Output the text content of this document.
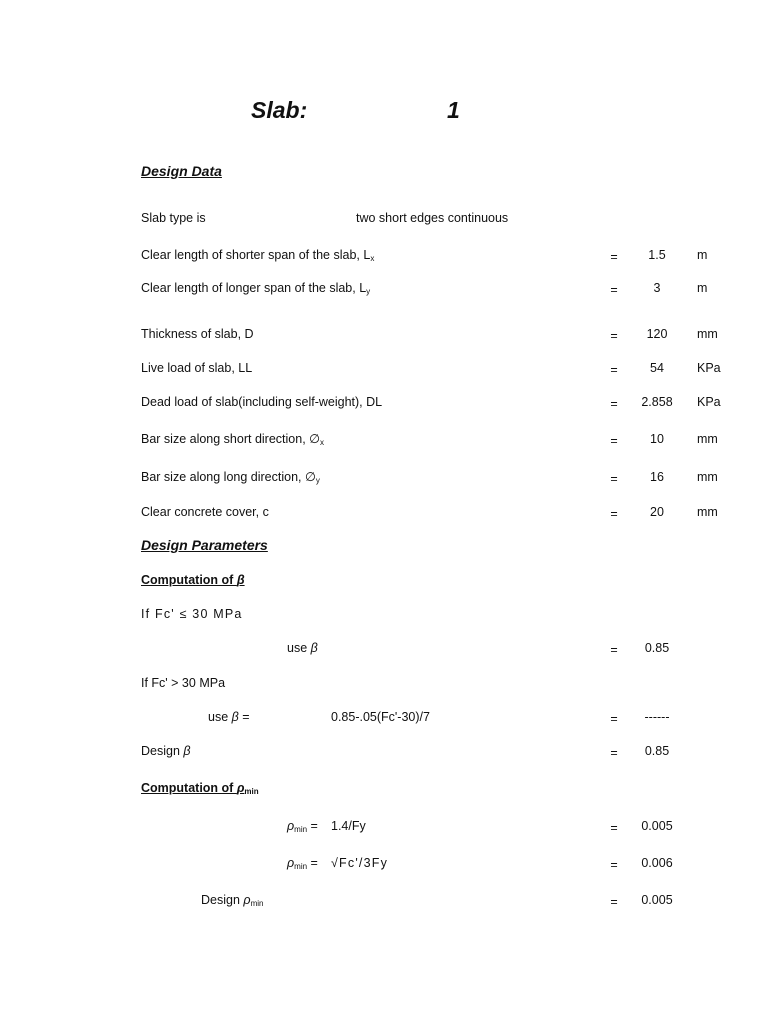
Slab:	1
Design Data
Slab type is	two short edges continuous
Clear length of shorter span of the slab, $L_x$	=	1.5	m
Clear length of longer span of the slab, $L_y$	=	3	m
Thickness of slab, D	=	120	mm
Live load of slab, LL	=	54	KPa
Dead load of slab(including self-weight), DL	=	2.858	KPa
Bar size along short direction, $\emptyset_x$	=	10	mm
Bar size along long direction, $\emptyset_y$	=	16	mm
Clear concrete cover, c	=	20	mm
Design Parameters
Computation of β
If Fc' ≤ 30 MPa
use β	=	0.85
If Fc' > 30 MPa
use β =	0.85-.05(Fc'-30)/7	=	------
Design β	=	0.85
Computation of $\rho_{min}$
$\rho_{min} = 1.4/Fy$	=	0.005
$\rho_{min} = √Fc'/3Fy$	=	0.006
Design $\rho_{min}$	=	0.005
